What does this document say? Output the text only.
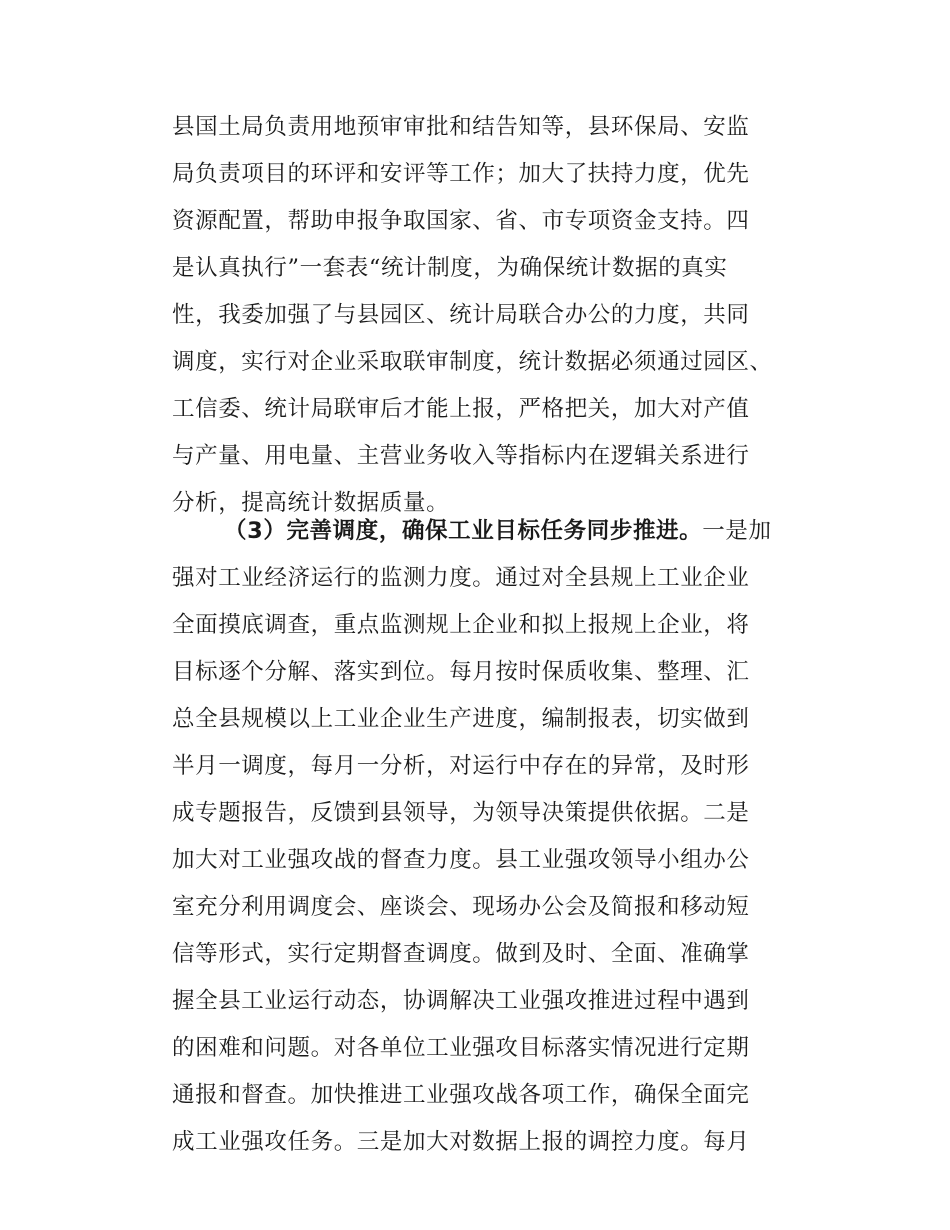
县国土局负责用地预审审批和结告知等，县环保局、安监
局负责项目的环评和安评等工作；加大了扶持力度，优先
资源配置，帮助申报争取国家、省、市专项资金支持。四
是认真执行”一套表“统计制度，为确保统计数据的真实
性，我委加强了与县园区、统计局联合办公的力度，共同
调度，实行对企业采取联审制度，统计数据必须通过园区、
工信委、统计局联审后才能上报，严格把关，加大对产值
与产量、用电量、主营业务收入等指标内在逻辑关系进行
分析，提高统计数据质量。
（3）完善调度，确保工业目标任务同步推进。一是加
强对工业经济运行的监测力度。通过对全县规上工业企业
全面摸底调查，重点监测规上企业和拟上报规上企业，将
目标逐个分解、落实到位。每月按时保质收集、整理、汇
总全县规模以上工业企业生产进度，编制报表，切实做到
半月一调度，每月一分析，对运行中存在的异常，及时形
成专题报告，反馈到县领导，为领导决策提供依据。二是
加大对工业强攻战的督查力度。县工业强攻领导小组办公
室充分利用调度会、座谈会、现场办公会及简报和移动短
信等形式，实行定期督查调度。做到及时、全面、准确掌
握全县工业运行动态，协调解决工业强攻推进过程中遇到
的困难和问题。对各单位工业强攻目标落实情况进行定期
通报和督查。加快推进工业强攻战各项工作，确保全面完
成工业强攻任务。三是加大对数据上报的调控力度。每月
